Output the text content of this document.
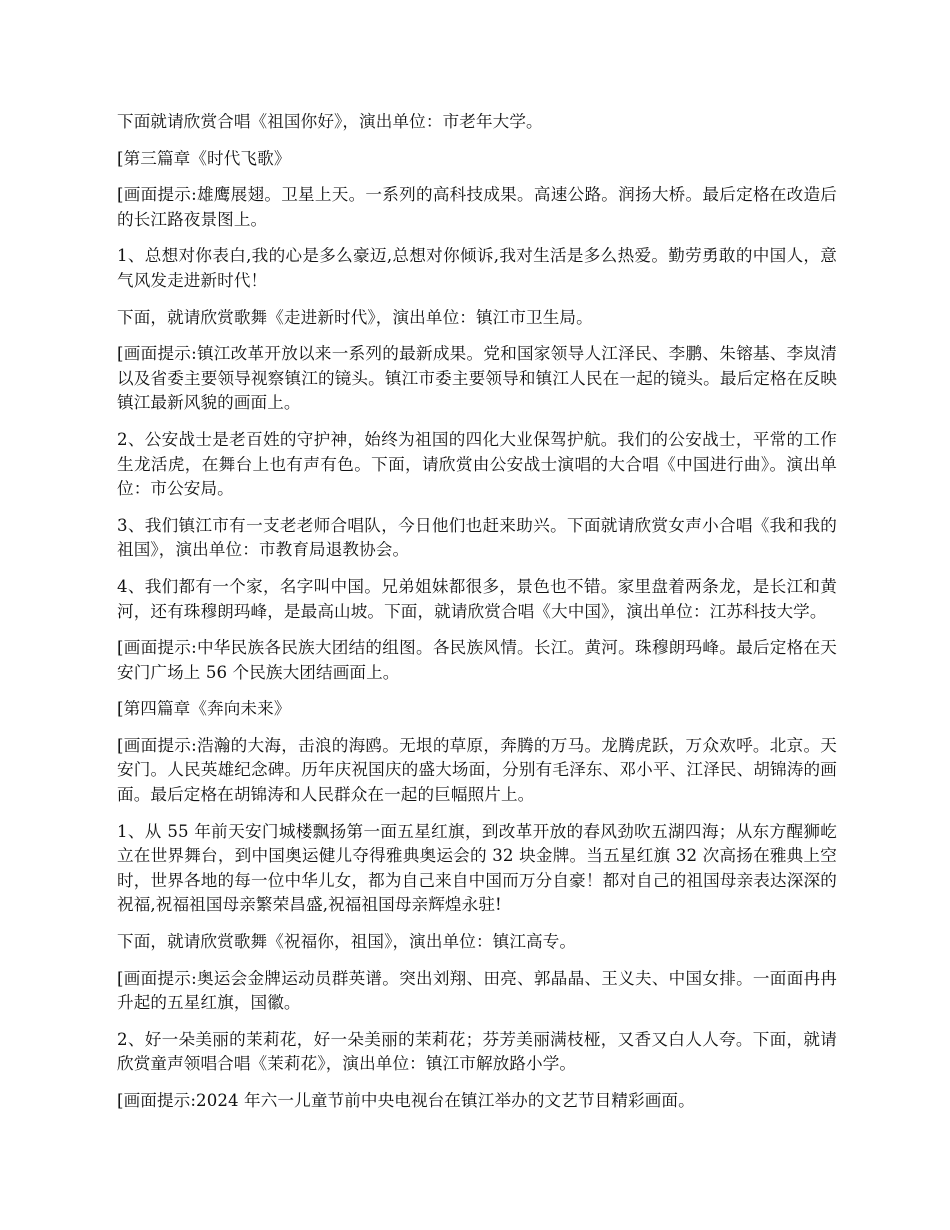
下面就请欣赏合唱《祖国你好》，演出单位：市老年大学。

[第三篇章《时代飞歌》

[画面提示:雄鹰展翅。卫星上天。一系列的高科技成果。高速公路。润扬大桥。最后定格在改造后的长江路夜景图上。

1、总想对你表白,我的心是多么豪迈,总想对你倾诉,我对生活是多么热爱。勤劳勇敢的中国人，意气风发走进新时代！

下面，就请欣赏歌舞《走进新时代》，演出单位：镇江市卫生局。

[画面提示:镇江改革开放以来一系列的最新成果。党和国家领导人江泽民、李鹏、朱镕基、李岚清以及省委主要领导视察镇江的镜头。镇江市委主要领导和镇江人民在一起的镜头。最后定格在反映镇江最新风貌的画面上。

2、公安战士是老百姓的守护神，始终为祖国的四化大业保驾护航。我们的公安战士，平常的工作生龙活虎，在舞台上也有声有色。下面，请欣赏由公安战士演唱的大合唱《中国进行曲》。演出单位：市公安局。

3、我们镇江市有一支老老师合唱队，今日他们也赶来助兴。下面就请欣赏女声小合唱《我和我的祖国》，演出单位：市教育局退教协会。

4、我们都有一个家，名字叫中国。兄弟姐妹都很多，景色也不错。家里盘着两条龙，是长江和黄河，还有珠穆朗玛峰，是最高山坡。下面，就请欣赏合唱《大中国》，演出单位：江苏科技大学。

[画面提示:中华民族各民族大团结的组图。各民族风情。长江。黄河。珠穆朗玛峰。最后定格在天安门广场上 56 个民族大团结画面上。

[第四篇章《奔向未来》

[画面提示:浩瀚的大海，击浪的海鸥。无垠的草原，奔腾的万马。龙腾虎跃，万众欢呼。北京。天安门。人民英雄纪念碑。历年庆祝国庆的盛大场面，分别有毛泽东、邓小平、江泽民、胡锦涛的画面。最后定格在胡锦涛和人民群众在一起的巨幅照片上。

1、从 55 年前天安门城楼飘扬第一面五星红旗，到改革开放的春风劲吹五湖四海；从东方醒狮屹立在世界舞台，到中国奥运健儿夺得雅典奥运会的 32 块金牌。当五星红旗 32 次高扬在雅典上空时，世界各地的每一位中华儿女，都为自己来自中国而万分自豪！都对自己的祖国母亲表达深深的祝福,祝福祖国母亲繁荣昌盛,祝福祖国母亲辉煌永驻!

下面，就请欣赏歌舞《祝福你，祖国》，演出单位：镇江高专。

[画面提示:奥运会金牌运动员群英谱。突出刘翔、田亮、郭晶晶、王义夫、中国女排。一面面冉冉升起的五星红旗，国徽。

2、好一朵美丽的茉莉花，好一朵美丽的茉莉花；芬芳美丽满枝桠，又香又白人人夸。下面，就请欣赏童声领唱合唱《茉莉花》，演出单位：镇江市解放路小学。

[画面提示:2024 年六一儿童节前中央电视台在镇江举办的文艺节目精彩画面。
